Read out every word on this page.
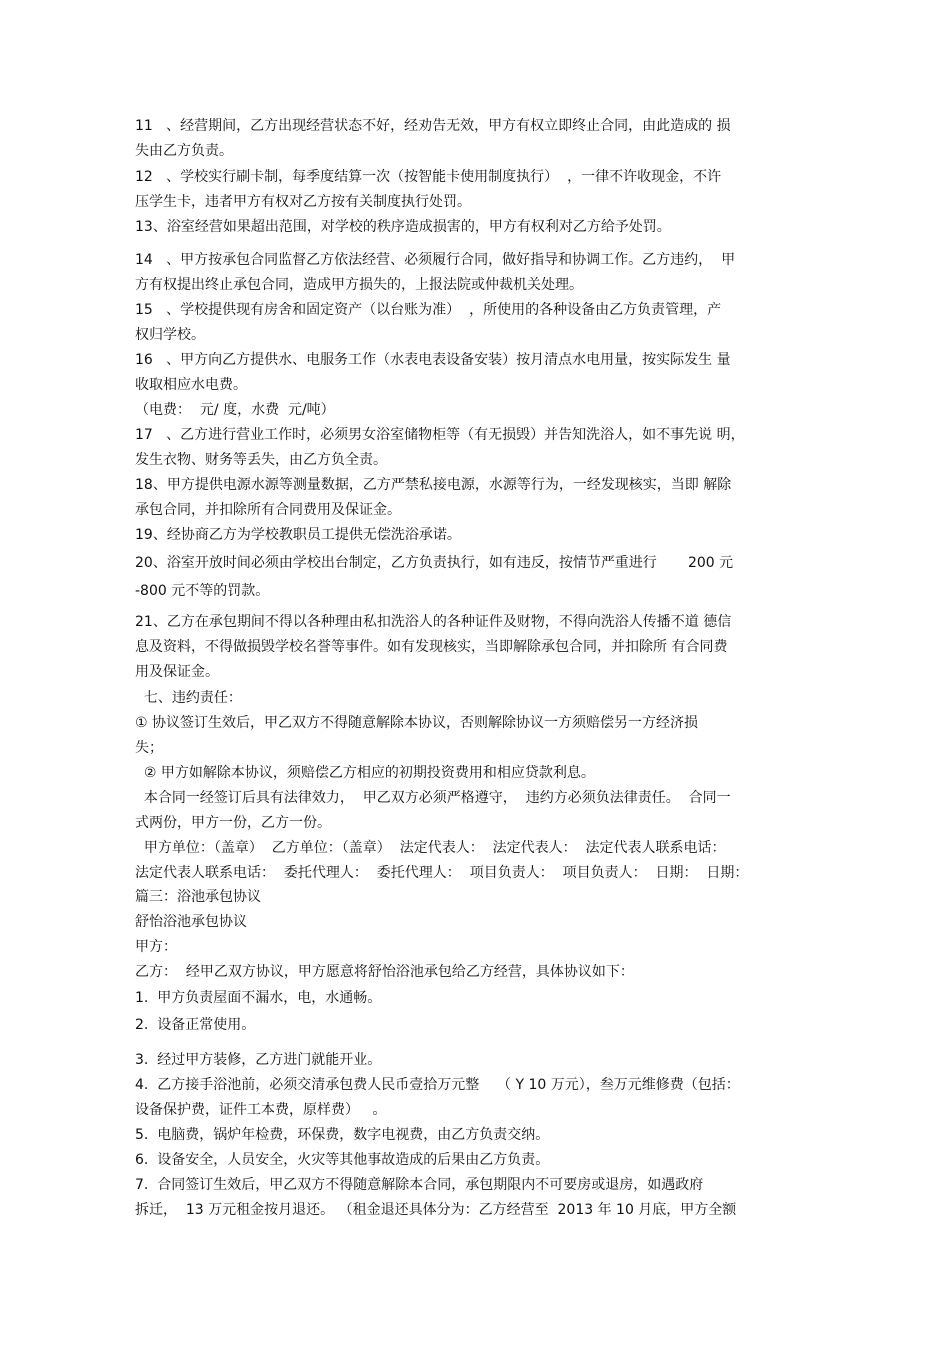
11   、经营期间，乙方出现经营状态不好，经劝告无效，甲方有权立即终止合同，由此造成的 损

失由乙方负责。

12   、学校实行刷卡制，每季度结算一次（按智能卡使用制度执行）  ，一律不许收现金，不许

压学生卡，违者甲方有权对乙方按有关制度执行处罚。

13、浴室经营如果超出范围，对学校的秩序造成损害的，甲方有权利对乙方给予处罚。

14   、甲方按承包合同监督乙方依法经营、必须履行合同，做好指导和协调工作。乙方违约，  甲

方有权提出终止承包合同，造成甲方损失的，上报法院或仲裁机关处理。

15   、学校提供现有房舍和固定资产（以台账为准）  ，所使用的各种设备由乙方负责管理，产

权归学校。

16   、甲方向乙方提供水、电服务工作（水表电表设备安装）按月清点水电用量，按实际发生 量

收取相应水电费。

（电费：  元/ 度，水费  元/吨）

17   、乙方进行营业工作时，必须男女浴室储物柜等（有无损毁）并告知洗浴人，如不事先说 明，

发生衣物、财务等丢失，由乙方负全责。

18、甲方提供电源水源等测量数据，乙方严禁私接电源，水源等行为，一经发现核实，当即 解除

承包合同，并扣除所有合同费用及保证金。

19、经协商乙方为学校教职员工提供无偿洗浴承诺。

20、浴室开放时间必须由学校出台制定，乙方负责执行，如有违反，按情节严重进行       200 元

-800 元不等的罚款。

21、乙方在承包期间不得以各种理由私扣洗浴人的各种证件及财物，不得向洗浴人传播不道 德信

息及资料，不得做损毁学校名誉等事件。如有发现核实，当即解除承包合同，并扣除所 有合同费

用及保证金。

七、违约责任：

① 协议签订生效后，甲乙双方不得随意解除本协议，否则解除协议一方须赔偿另一方经济损

失；

② 甲方如解除本协议，须赔偿乙方相应的初期投资费用和相应贷款利息。

本合同一经签订后具有法律效力，  甲乙双方必须严格遵守，  违约方必须负法律责任。  合同一

式两份，甲方一份，乙方一份。

甲方单位：（盖章）  乙方单位：（盖章）  法定代表人：  法定代表人：  法定代表人联系电话：

法定代表人联系电话：  委托代理人：  委托代理人：  项目负责人：  项目负责人：  日期：  日期：

篇三：浴池承包协议

舒怡浴池承包协议

甲方：

乙方：  经甲乙双方协议，甲方愿意将舒怡浴池承包给乙方经营，具体协议如下：

1.  甲方负责屋面不漏水，电，水通畅。

2.  设备正常使用。

3.  经过甲方装修，乙方进门就能开业。

4.  乙方接手浴池前，必须交清承包费人民币壹拾万元整    （ Y 10 万元），叁万元维修费（包括：

设备保护费，证件工本费，原样费）   。

5.  电脑费，锅炉年检费，环保费，数字电视费，由乙方负责交纳。

6.  设备安全，人员安全，火灾等其他事故造成的后果由乙方负责。

7.  合同签订生效后，甲乙双方不得随意解除本合同，承包期限内不可要房或退房，如遇政府

拆迁，  13 万元租金按月退还。 （租金退还具体分为：乙方经营至  2013 年 10 月底，甲方全额
